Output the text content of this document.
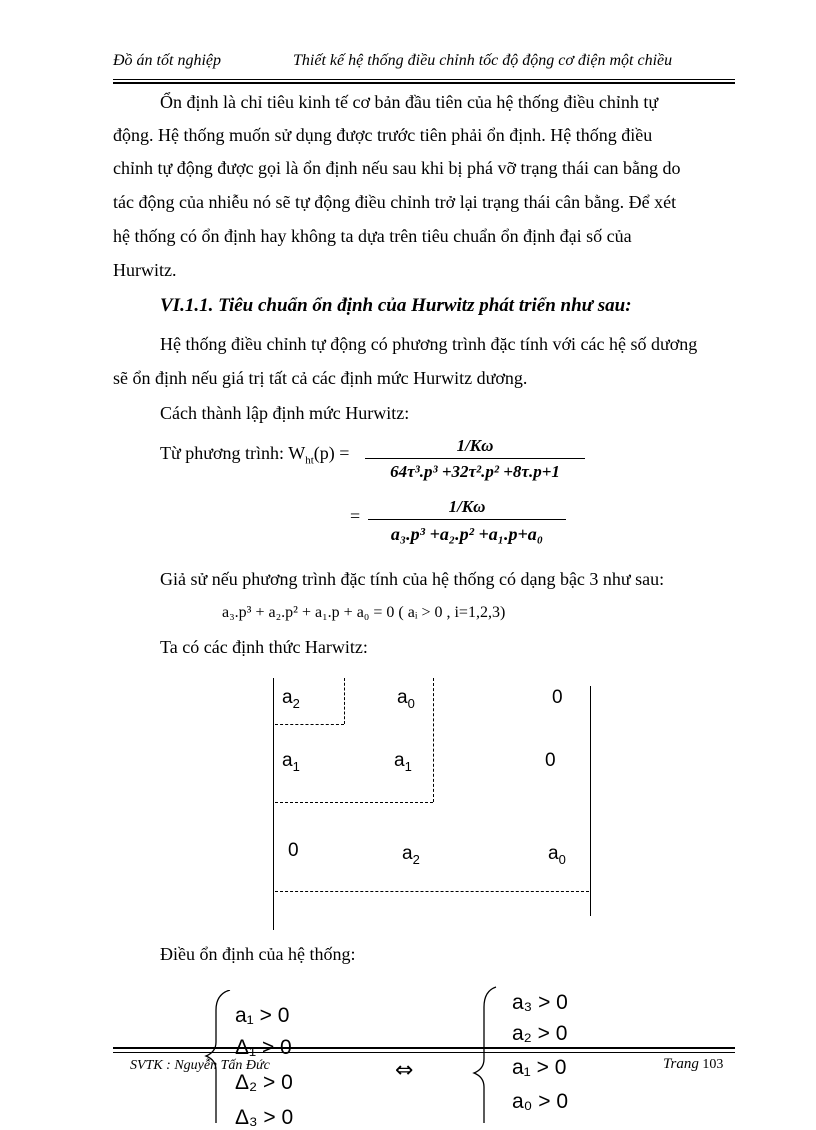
Đồ án tốt nghiệp	Thiết kế hệ thống điều chỉnh tốc độ động cơ điện một chiều
Ổn định là chỉ tiêu kinh tế cơ bản đầu tiên của hệ thống điều chỉnh tự
động. Hệ thống muốn sử dụng được trước tiên phải ổn định. Hệ thống điều
chỉnh tự động được gọi là ổn định nếu sau khi bị phá vỡ trạng thái can bằng do
tác động của nhiễu nó sẽ tự động điều chỉnh trở lại trạng thái cân bằng. Để xét
hệ thống có ổn định hay không ta dựa trên tiêu chuẩn ổn định đại số của
Hurwitz.
VI.1.1. Tiêu chuẩn ổn định của Hurwitz phát triển như sau:
Hệ thống điều chỉnh tự động có phương trình đặc tính với các hệ số dương
sẽ ổn định nếu giá trị tất cả các định mức Hurwitz dương.
Cách thành lập định mức Hurwitz:
Từ phương trình: $W_{ht}(p)$ =	1/Kω
64τ³.p³ +32τ².p² +8τ.p+1
=	1/Kω
a₃.p³ +a₂.p² +a₁.p+a₀
Giả sử nếu phương trình đặc tính của hệ thống có dạng bậc 3 như sau:
a₃.p³ + a₂.p² + a₁.p + a₀ = 0 ( aᵢ > 0 , i=1,2,3)
Ta có các định thức Harwitz:
$a_2$	$a_0$	0
$a_1$	$a_1$	0
0	$a_2$	$a_0$
Điều ổn định của hệ thống:
a₁ > 0
Δ₁ > 0
Δ₂ > 0
Δ₃ > 0
⇔
a₃ > 0
a₂ > 0
a₁ > 0
a₀ > 0
SVTK : Nguyễn Tấn Đức	Trang 103
